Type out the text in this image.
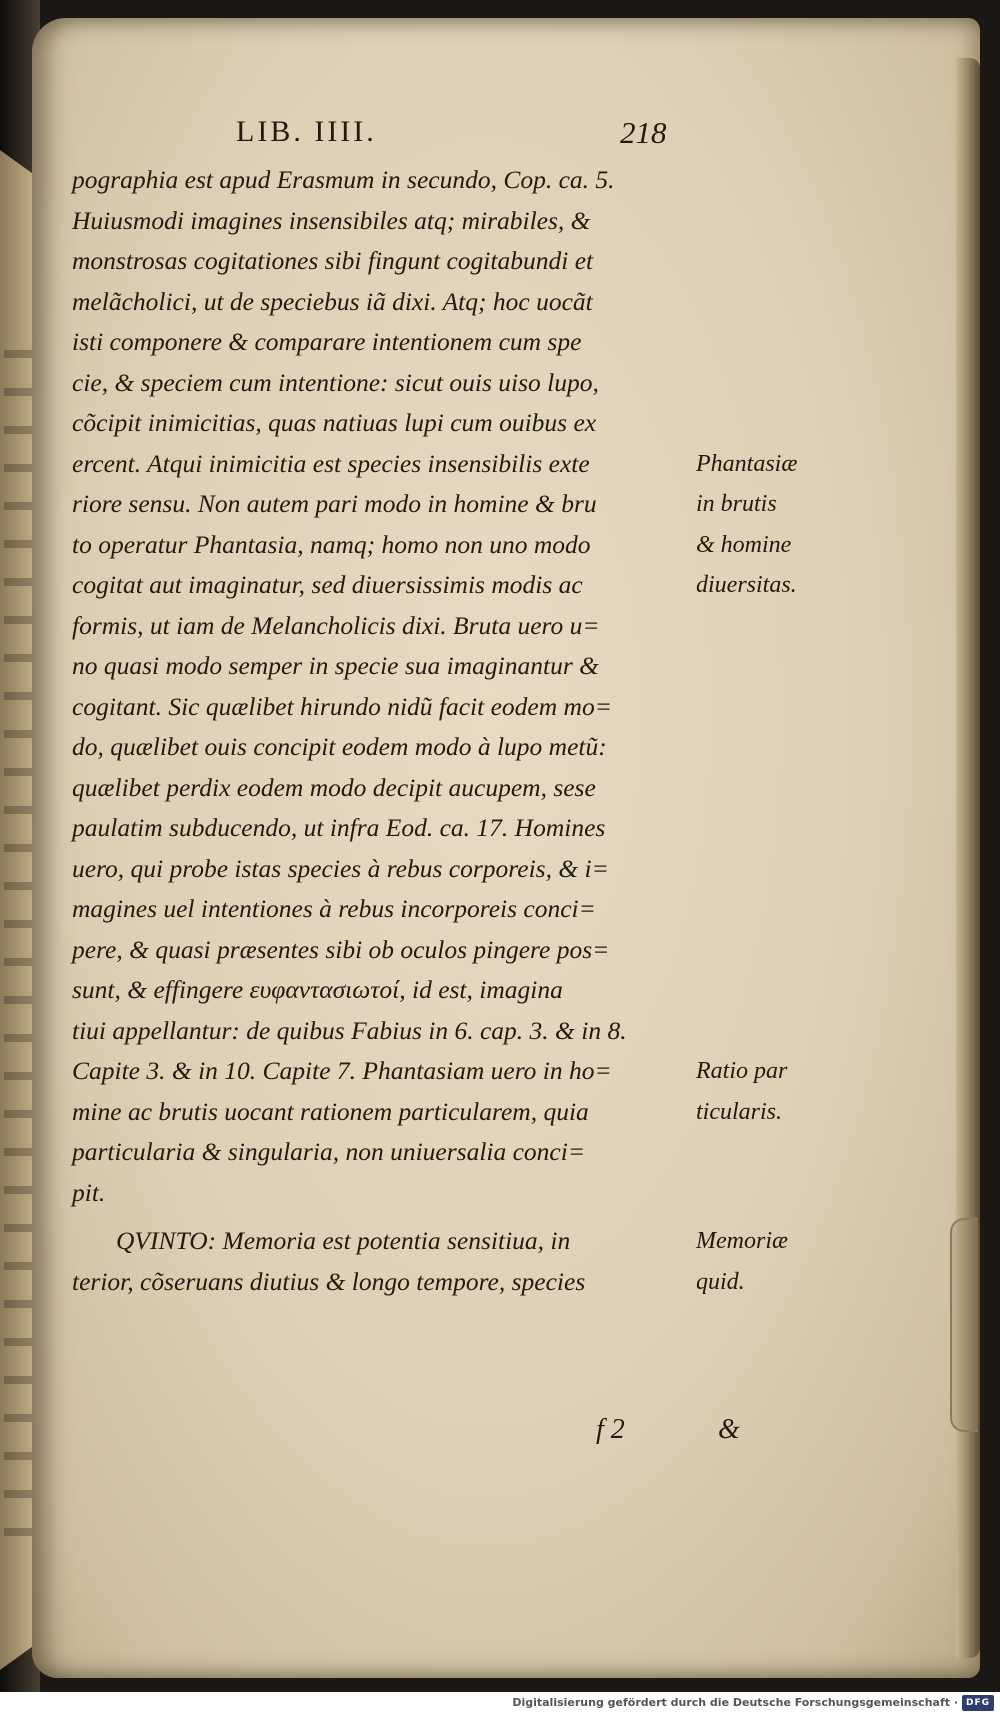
LIB. IIII.	218
pographia est apud Erasmum in secundo, Cop. ca. 5.
Huiusmodi imagines insensibiles atq; mirabiles, &
monstrosas cogitationes sibi fingunt cogitabundi et
melãcholici, ut de speciebus iã dixi. Atq; hoc uocãt
isti componere & comparare intentionem cum spe
cie, & speciem cum intentione: sicut ouis uiso lupo,
cõcipit inimicitias, quas natiuas lupi cum ouibus ex
ercent. Atqui inimicitia est species insensibilis exte
riore sensu. Non autem pari modo in homine & bru
to operatur Phantasia, namq; homo non uno modo
cogitat aut imaginatur, sed diuersissimis modis ac
formis, ut iam de Melancholicis dixi. Bruta uero u=
no quasi modo semper in specie sua imaginantur &
cogitant. Sic quælibet hirundo nidũ facit eodem mo=
do, quælibet ouis concipit eodem modo à lupo metũ:
quælibet perdix eodem modo decipit aucupem, sese
paulatim subducendo, ut infra Eod. ca. 17. Homines
uero, qui probe istas species à rebus corporeis, & i=
magines uel intentiones à rebus incorporeis conci=
pere, & quasi præsentes sibi ob oculos pingere pos=
sunt, & effingere ευφαντασιωτοί, id est, imagina
tiui appellantur: de quibus Fabius in 6. cap. 3. & in 8.
Capite 3. & in 10. Capite 7. Phantasiam uero in ho=
mine ac brutis uocant rationem particularem, quia
particularia & singularia, non uniuersalia conci=
pit.
QVINTO: Memoria est potentia sensitiua, in
terior, cõseruans diutius & longo tempore, species
Phantasiæ
in brutis
& homine
diuersitas.
Ratio par
ticularis.
Memoriæ
quid.
f 2	&
Digitalisierung gefördert durch die Deutsche Forschungsgemeinschaft · DFG
